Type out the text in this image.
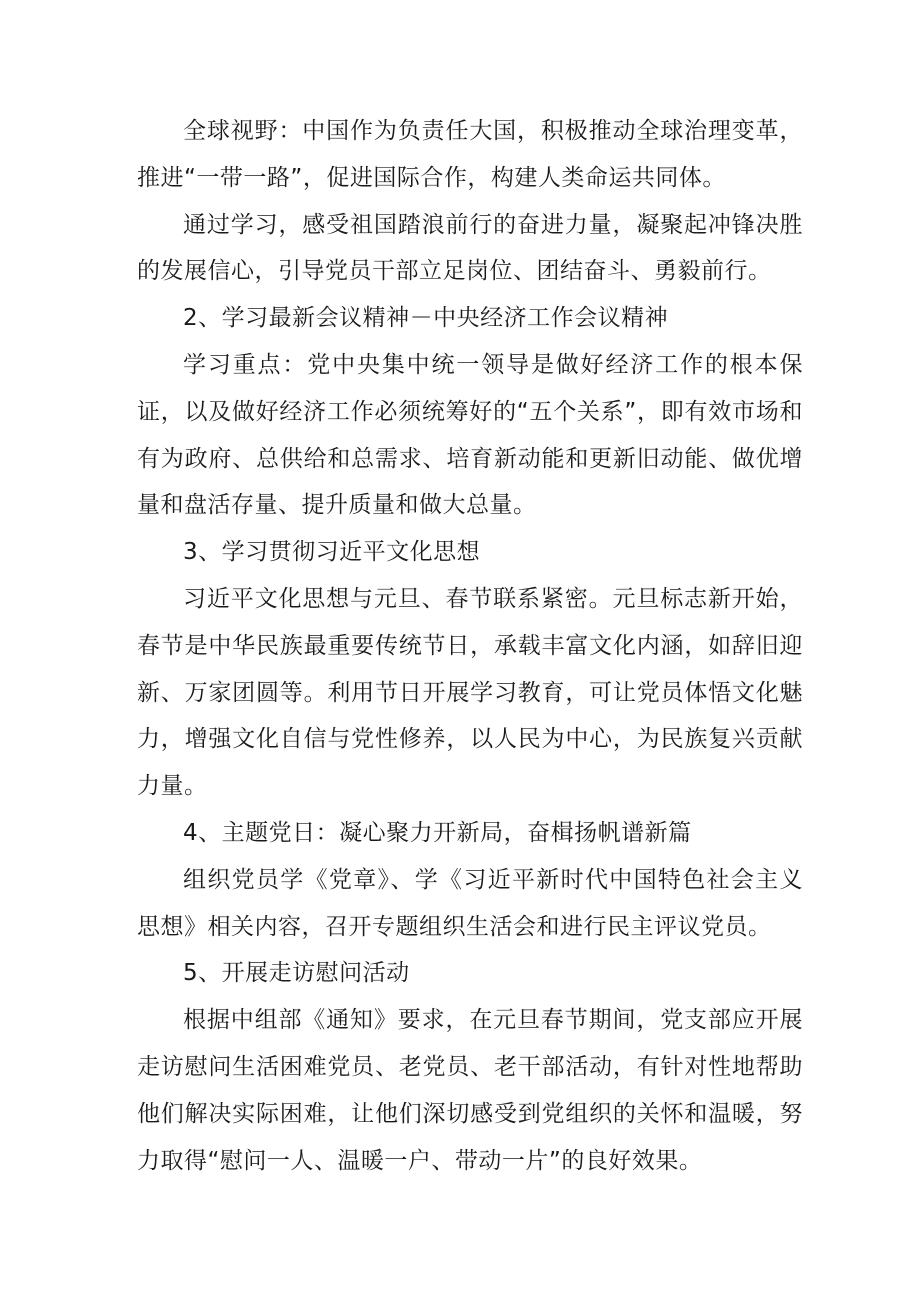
全球视野：中国作为负责任大国，积极推动全球治理变革，推进“一带一路”，促进国际合作，构建人类命运共同体。

通过学习，感受祖国踏浪前行的奋进力量，凝聚起冲锋决胜的发展信心，引导党员干部立足岗位、团结奋斗、勇毅前行。

2、学习最新会议精神－中央经济工作会议精神

学习重点：党中央集中统一领导是做好经济工作的根本保证，以及做好经济工作必须统筹好的“五个关系”，即有效市场和有为政府、总供给和总需求、培育新动能和更新旧动能、做优增量和盘活存量、提升质量和做大总量。

3、学习贯彻习近平文化思想

习近平文化思想与元旦、春节联系紧密。元旦标志新开始，春节是中华民族最重要传统节日，承载丰富文化内涵，如辞旧迎新、万家团圆等。利用节日开展学习教育，可让党员体悟文化魅力，增强文化自信与党性修养，以人民为中心，为民族复兴贡献力量。

4、主题党日：凝心聚力开新局，奋楫扬帆谱新篇

组织党员学《党章》、学《习近平新时代中国特色社会主义思想》相关内容，召开专题组织生活会和进行民主评议党员。

5、开展走访慰问活动

根据中组部《通知》要求，在元旦春节期间，党支部应开展走访慰问生活困难党员、老党员、老干部活动，有针对性地帮助他们解决实际困难，让他们深切感受到党组织的关怀和温暖，努力取得“慰问一人、温暖一户、带动一片”的良好效果。
